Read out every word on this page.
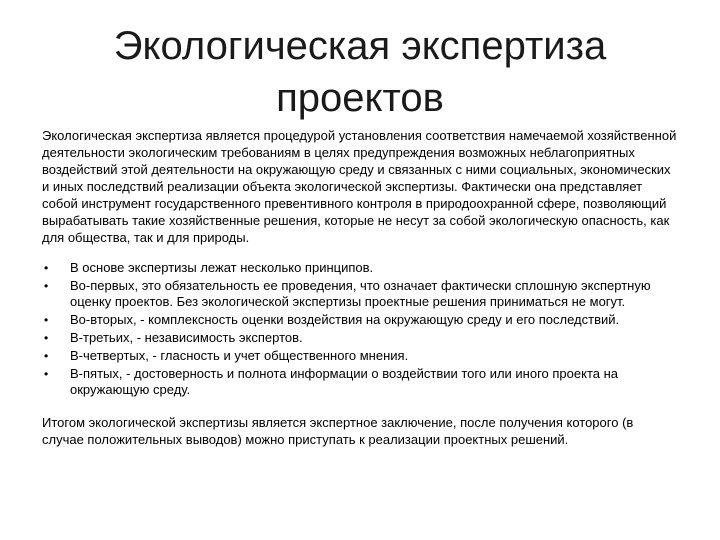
Экологическая экспертиза
проектов

Экологическая экспертиза является процедурой установления соответствия намечаемой хозяйственной деятельности экологическим требованиям в целях предупреждения возможных неблагоприятных воздействий этой деятельности на окружающую среду и связанных с ними социальных, экономических и иных последствий реализации объекта экологической экспертизы. Фактически она представляет собой инструмент государственного превентивного контроля в природоохранной сфере, позволяющий вырабатывать такие хозяйственные решения, которые не несут за собой экологическую опасность, как для общества, так и для природы.

• В основе экспертизы лежат несколько принципов.
• Во-первых, это обязательность ее проведения, что означает фактически сплошную экспертную оценку проектов. Без экологической экспертизы проектные решения приниматься не могут.
• Во-вторых, - комплексность оценки воздействия на окружающую среду и его последствий.
• В-третьих, - независимость экспертов.
• В-четвертых, - гласность и учет общественного мнения.
• В-пятых, - достоверность и полнота информации о воздействии того или иного проекта на окружающую среду.

Итогом экологической экспертизы является экспертное заключение, после получения которого (в случае положительных выводов) можно приступать к реализации проектных решений.
